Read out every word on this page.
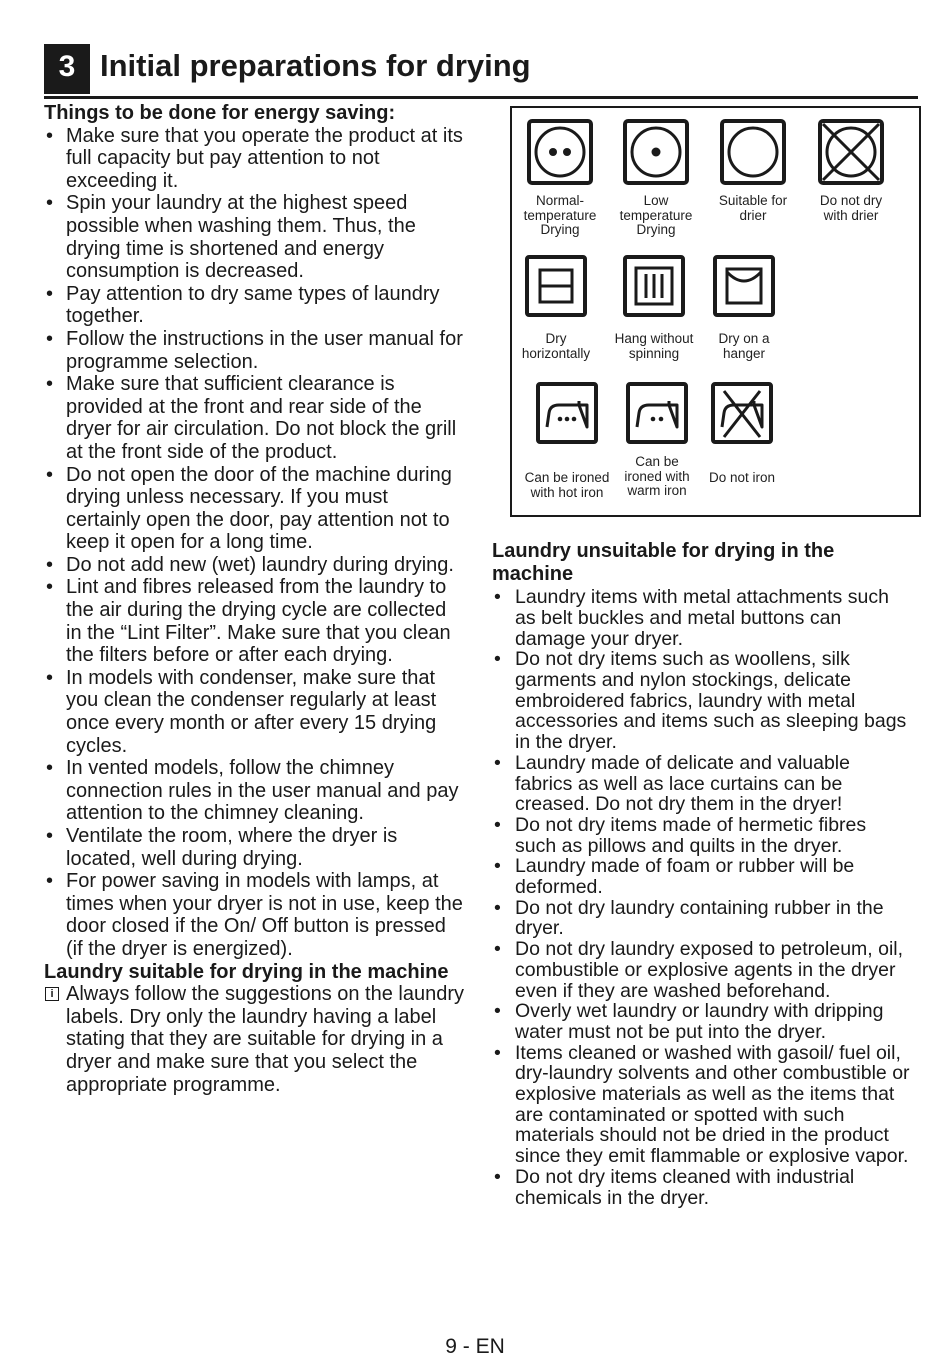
3 Initial preparations for drying
Things to be done for energy saving:
• Make sure that you operate the product at its full capacity but pay attention to not exceeding it.
• Spin your laundry at the highest speed possible when washing them. Thus, the drying time is shortened and energy consumption is decreased.
• Pay attention to dry same types of laundry together.
• Follow the instructions in the user manual for programme selection.
• Make sure that sufficient clearance is provided at the front and rear side of the dryer for air circulation. Do not block the grill at the front side of the product.
• Do not open the door of the machine during drying unless necessary. If you must certainly open the door, pay attention not to keep it open for a long time.
• Do not add new (wet) laundry during drying.
• Lint and fibres released from the laundry to the air during the drying cycle are collected in the “Lint Filter”. Make sure that you clean the filters before or after each drying.
• In models with condenser, make sure that you clean the condenser regularly at least once every month or after every 15 drying cycles.
• In vented models, follow the chimney connection rules in the user manual and pay attention to the chimney cleaning.
• Ventilate the room, where the dryer is located, well during drying.
• For power saving in models with lamps, at times when your dryer is not in use, keep the door closed if the On/ Off button is pressed (if the dryer is energized).
Laundry suitable for drying in the machine
i Always follow the suggestions on the laundry labels. Dry only the laundry having a label stating that they are suitable for drying in a dryer and make sure that you select the appropriate programme.
Normal-
temperature
Drying
Low
temperature
Drying
Suitable for
drier
Do not dry
with drier
Dry
horizontally
Hang without
spinning
Dry on a
hanger
Can be ironed
with hot iron
Can be
ironed with
warm iron
Do not iron
Laundry unsuitable for drying in the machine
• Laundry items with metal attachments such as belt buckles and metal buttons can damage your dryer.
• Do not dry items such as woollens, silk garments and nylon stockings, delicate embroidered fabrics, laundry with metal accessories and items such as sleeping bags in the dryer.
• Laundry made of delicate and valuable fabrics as well as lace curtains can be creased. Do not dry them in the dryer!
• Do not dry items made of hermetic fibres such as pillows and quilts in the dryer.
• Laundry made of foam or rubber will be deformed.
• Do not dry laundry containing rubber in the dryer.
• Do not dry laundry exposed to petroleum, oil, combustible or explosive agents in the dryer even if they are washed beforehand.
• Overly wet laundry or laundry with dripping water must not be put into the dryer.
• Items cleaned or washed with gasoil/ fuel oil, dry-laundry solvents and other combustible or explosive materials as well as the items that are contaminated or spotted with such materials should not be dried in the product since they emit flammable or explosive vapor.
• Do not dry items cleaned with industrial chemicals in the dryer.
9 - EN
